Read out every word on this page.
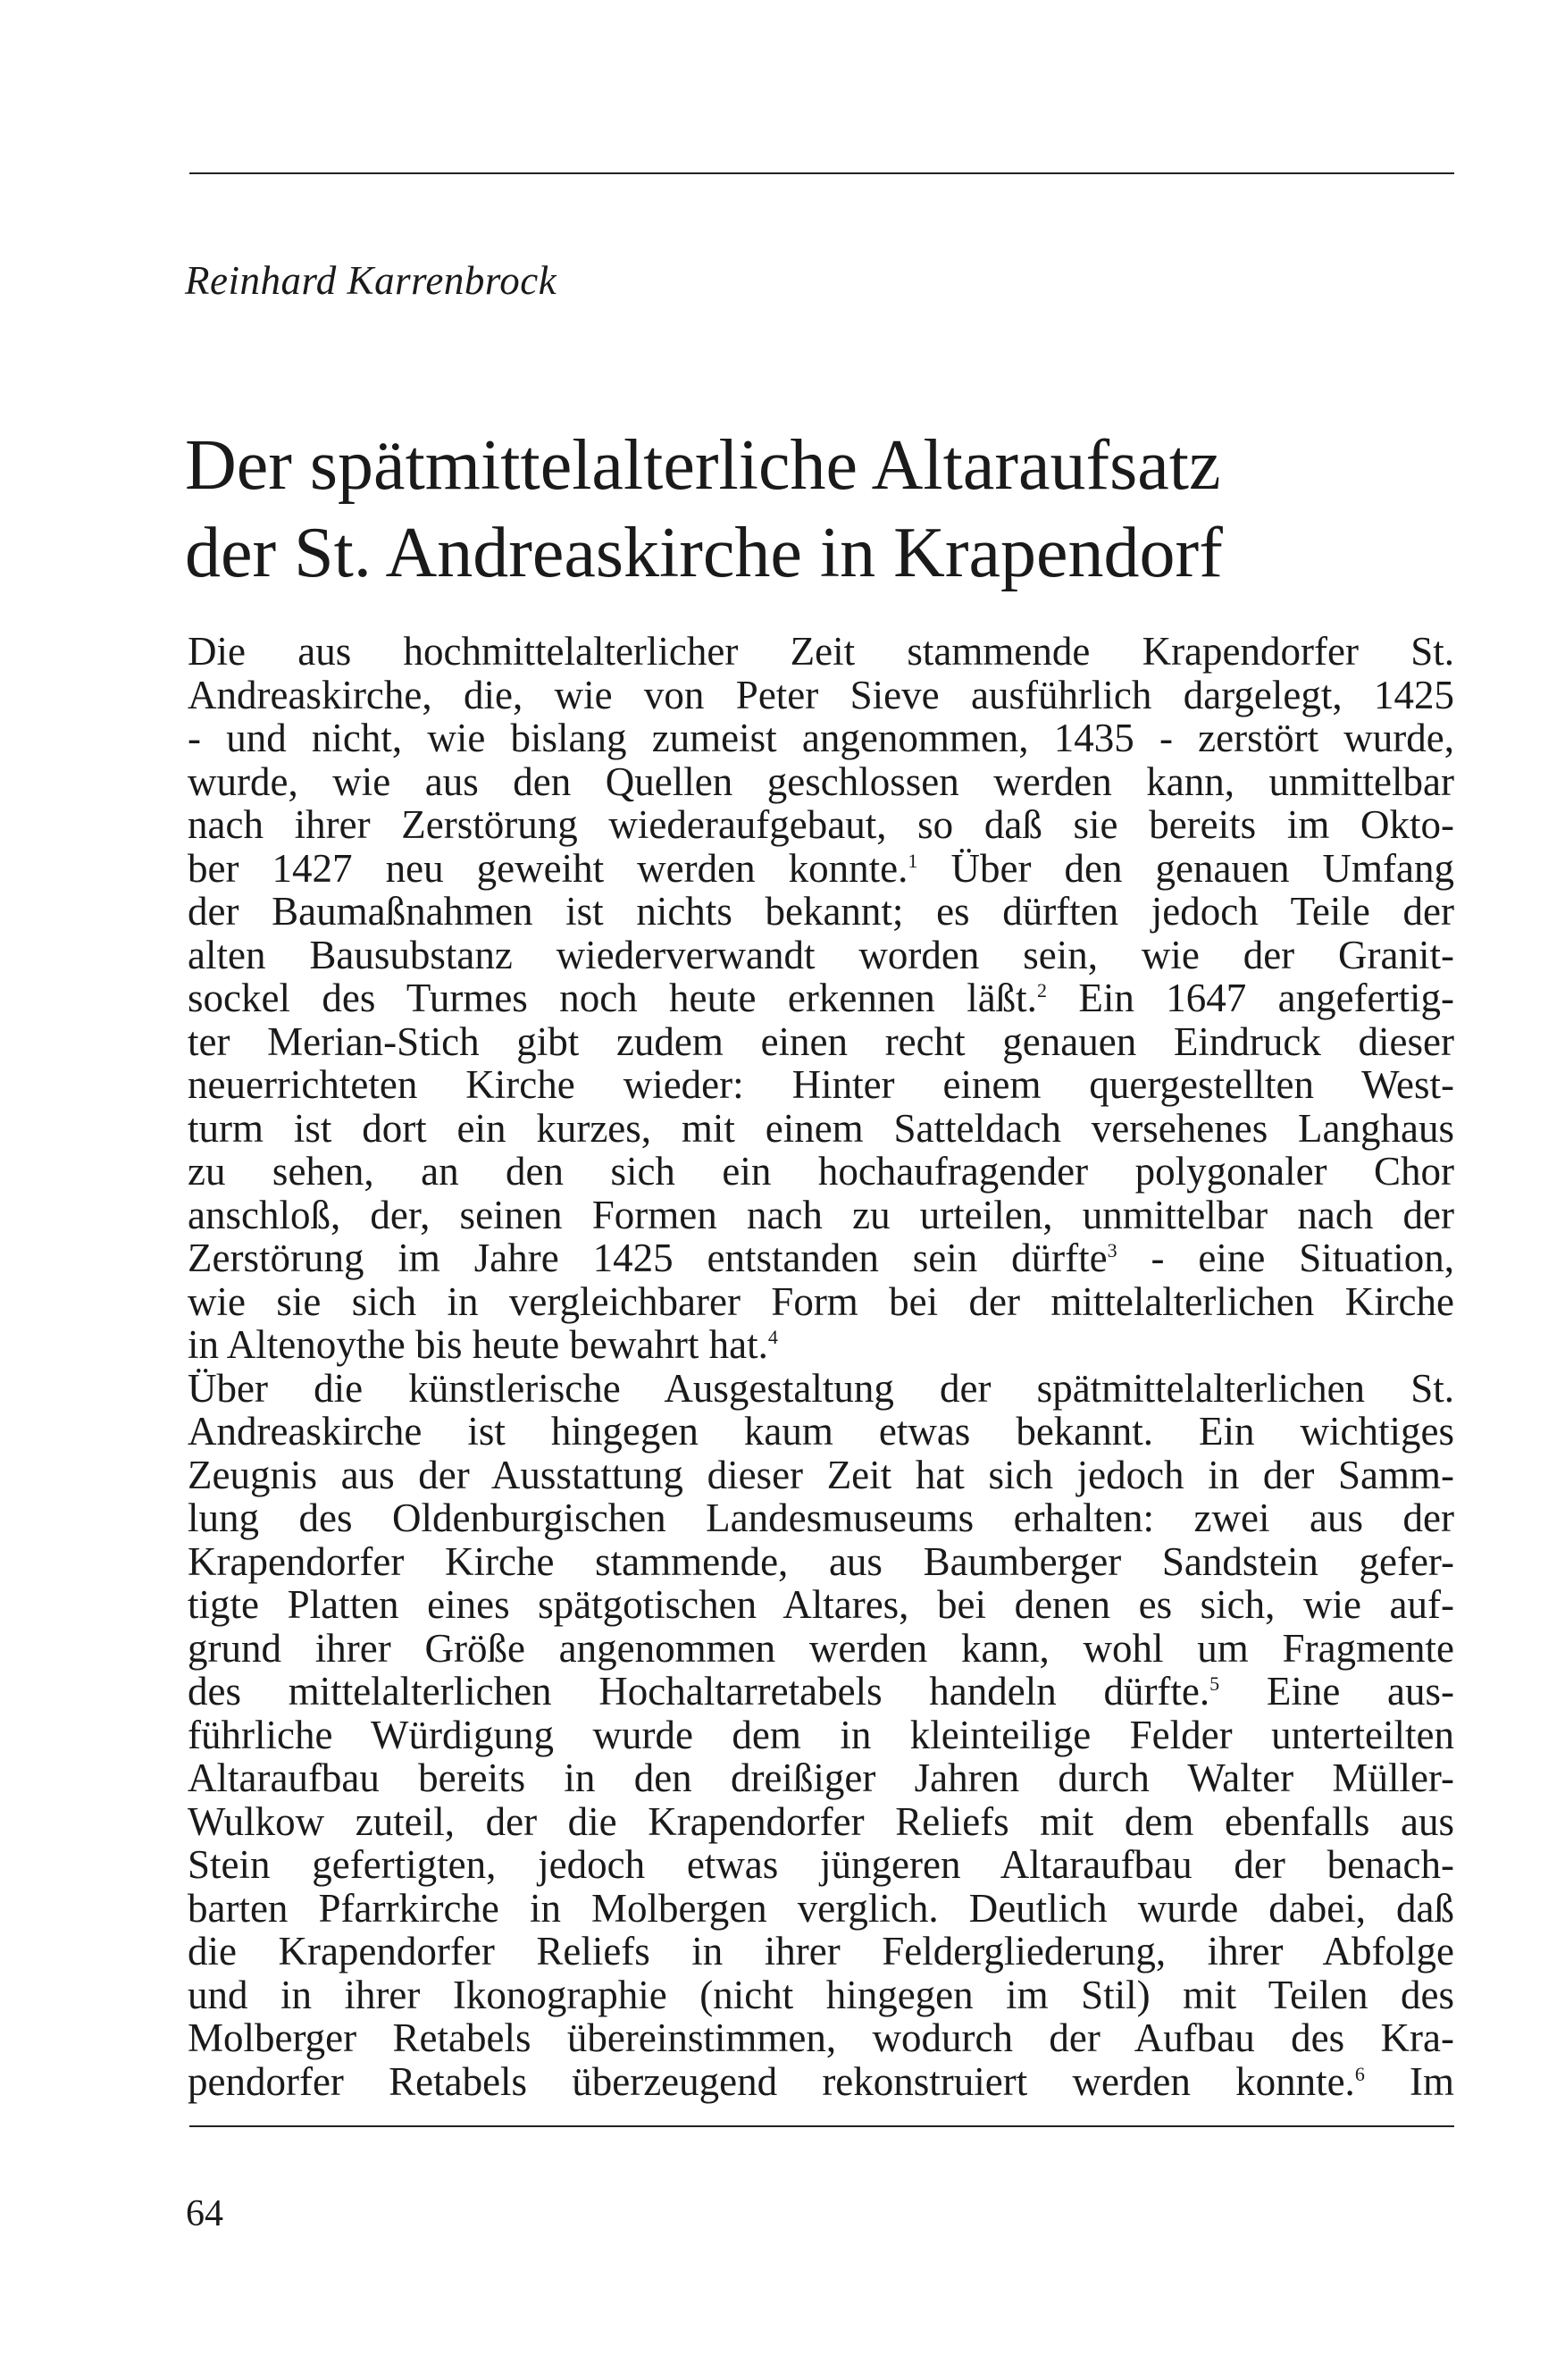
Reinhard Karrenbrock
Der spätmittelalterliche Altaraufsatz
der St. Andreaskirche in Krapendorf
Die aus hochmittelalterlicher Zeit stammende Krapendorfer St.
Andreaskirche, die, wie von Peter Sieve ausführlich dargelegt, 1425
- und nicht, wie bislang zumeist angenommen, 1435 - zerstört wurde,
wurde, wie aus den Quellen geschlossen werden kann, unmittelbar
nach ihrer Zerstörung wiederaufgebaut, so daß sie bereits im Okto-
ber 1427 neu geweiht werden konnte.$^1$ Über den genauen Umfang
der Baumaßnahmen ist nichts bekannt; es dürften jedoch Teile der
alten Bausubstanz wiederverwandt worden sein, wie der Granit-
sockel des Turmes noch heute erkennen läßt.$^2$ Ein 1647 angefertig-
ter Merian-Stich gibt zudem einen recht genauen Eindruck dieser
neuerrichteten Kirche wieder: Hinter einem quergestellten West-
turm ist dort ein kurzes, mit einem Satteldach versehenes Langhaus
zu sehen, an den sich ein hochaufragender polygonaler Chor
anschloß, der, seinen Formen nach zu urteilen, unmittelbar nach der
Zerstörung im Jahre 1425 entstanden sein dürfte$^3$ - eine Situation,
wie sie sich in vergleichbarer Form bei der mittelalterlichen Kirche
in Altenoythe bis heute bewahrt hat.$^4$
Über die künstlerische Ausgestaltung der spätmittelalterlichen St.
Andreaskirche ist hingegen kaum etwas bekannt. Ein wichtiges
Zeugnis aus der Ausstattung dieser Zeit hat sich jedoch in der Samm-
lung des Oldenburgischen Landesmuseums erhalten: zwei aus der
Krapendorfer Kirche stammende, aus Baumberger Sandstein gefer-
tigte Platten eines spätgotischen Altares, bei denen es sich, wie auf-
grund ihrer Größe angenommen werden kann, wohl um Fragmente
des mittelalterlichen Hochaltarretabels handeln dürfte.$^5$ Eine aus-
führliche Würdigung wurde dem in kleinteilige Felder unterteilten
Altaraufbau bereits in den dreißiger Jahren durch Walter Müller-
Wulkow zuteil, der die Krapendorfer Reliefs mit dem ebenfalls aus
Stein gefertigten, jedoch etwas jüngeren Altaraufbau der benach-
barten Pfarrkirche in Molbergen verglich. Deutlich wurde dabei, daß
die Krapendorfer Reliefs in ihrer Feldergliederung, ihrer Abfolge
und in ihrer Ikonographie (nicht hingegen im Stil) mit Teilen des
Molberger Retabels übereinstimmen, wodurch der Aufbau des Kra-
pendorfer Retabels überzeugend rekonstruiert werden konnte.$^6$ Im
64
